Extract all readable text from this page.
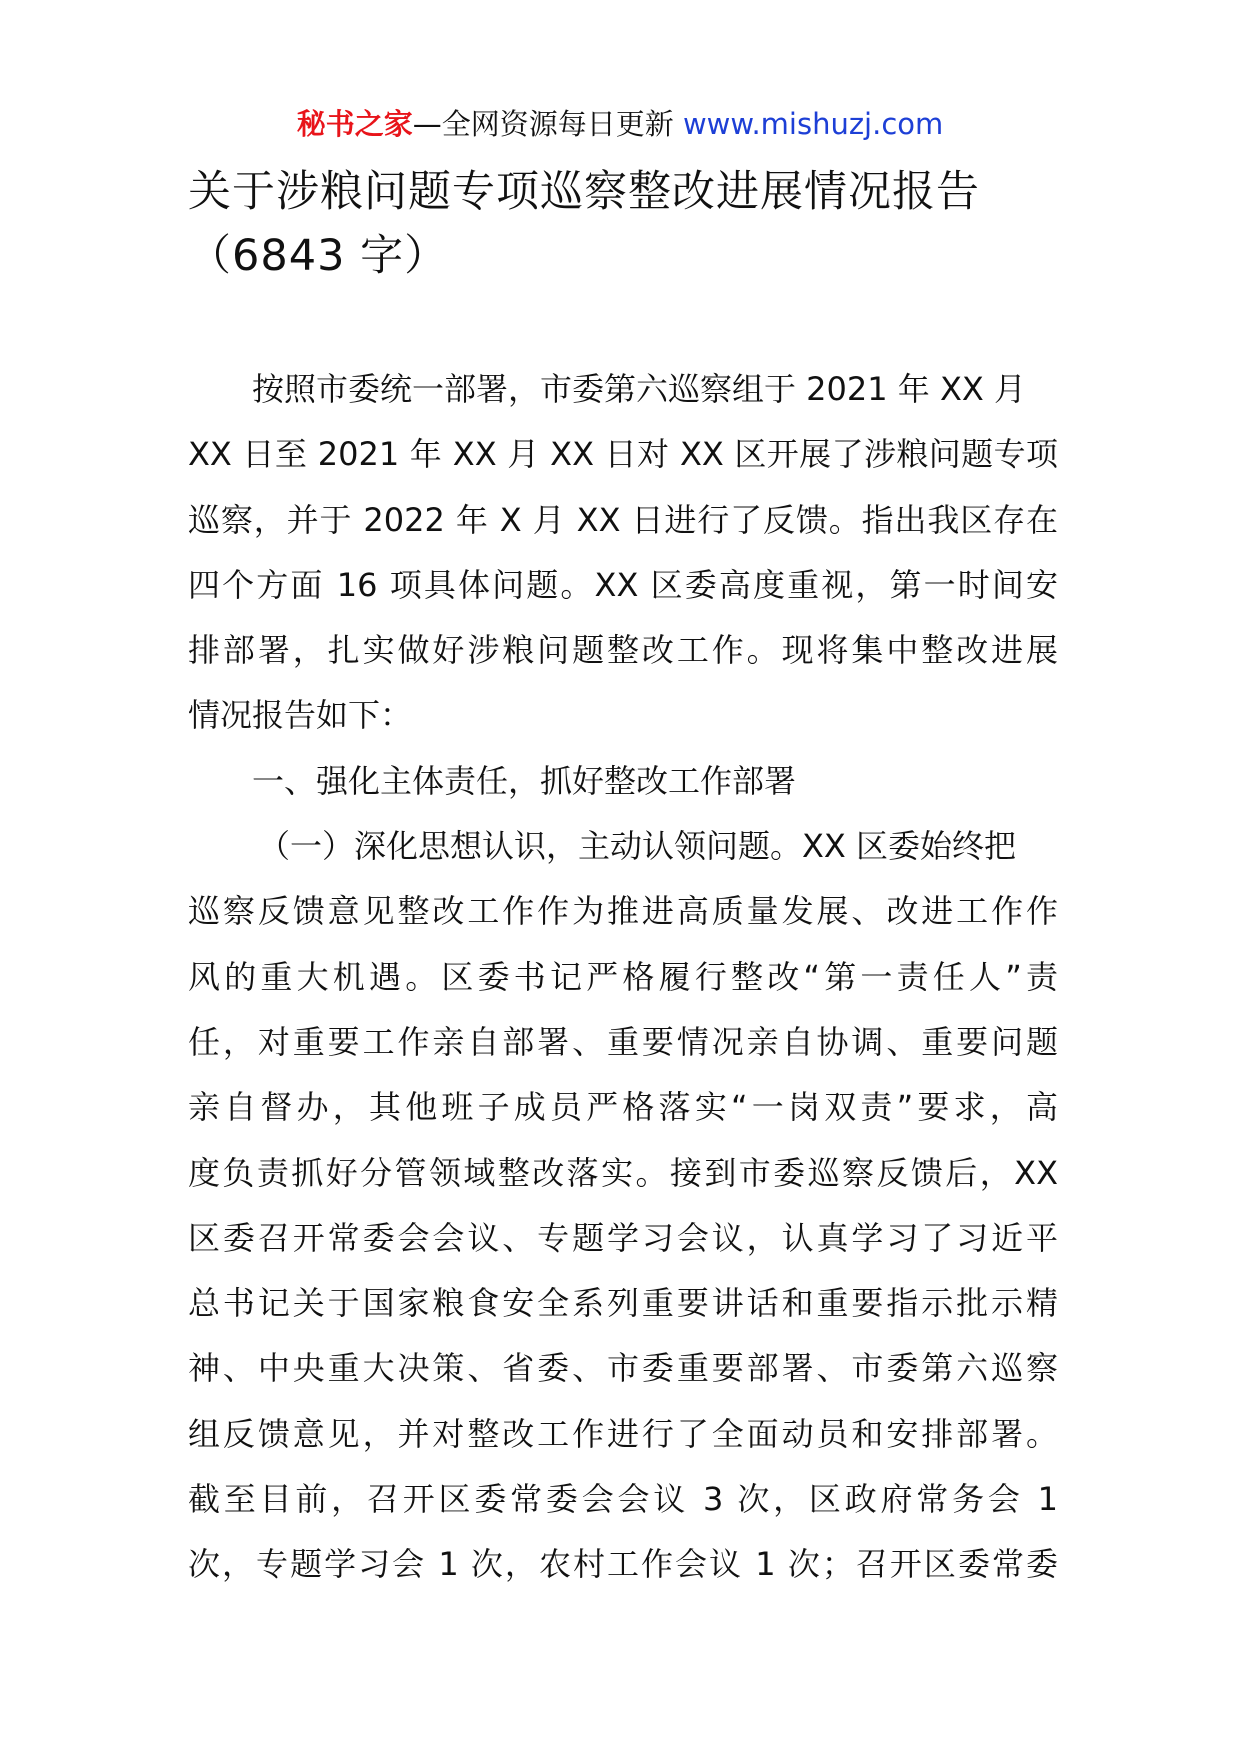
秘书之家—全网资源每日更新 www.mishuzj.com
关于涉粮问题专项巡察整改进展情况报告
（6843 字）
按照市委统一部署，市委第六巡察组于 2021 年 XX 月
XX 日至 2021 年 XX 月 XX 日对 XX 区开展了涉粮问题专项
巡察，并于 2022 年 X 月 XX 日进行了反馈。指出我区存在
四个方面 16 项具体问题。XX 区委高度重视，第一时间安
排部署，扎实做好涉粮问题整改工作。现将集中整改进展
情况报告如下：
一、强化主体责任，抓好整改工作部署
（一）深化思想认识，主动认领问题。XX 区委始终把
巡察反馈意见整改工作作为推进高质量发展、改进工作作
风的重大机遇。区委书记严格履行整改“第一责任人”责
任，对重要工作亲自部署、重要情况亲自协调、重要问题
亲自督办，其他班子成员严格落实“一岗双责”要求，高
度负责抓好分管领域整改落实。接到市委巡察反馈后，XX
区委召开常委会会议、专题学习会议，认真学习了习近平
总书记关于国家粮食安全系列重要讲话和重要指示批示精
神、中央重大决策、省委、市委重要部署、市委第六巡察
组反馈意见，并对整改工作进行了全面动员和安排部署。
截至目前，召开区委常委会会议 3 次，区政府常务会 1
次，专题学习会 1 次，农村工作会议 1 次；召开区委常委
